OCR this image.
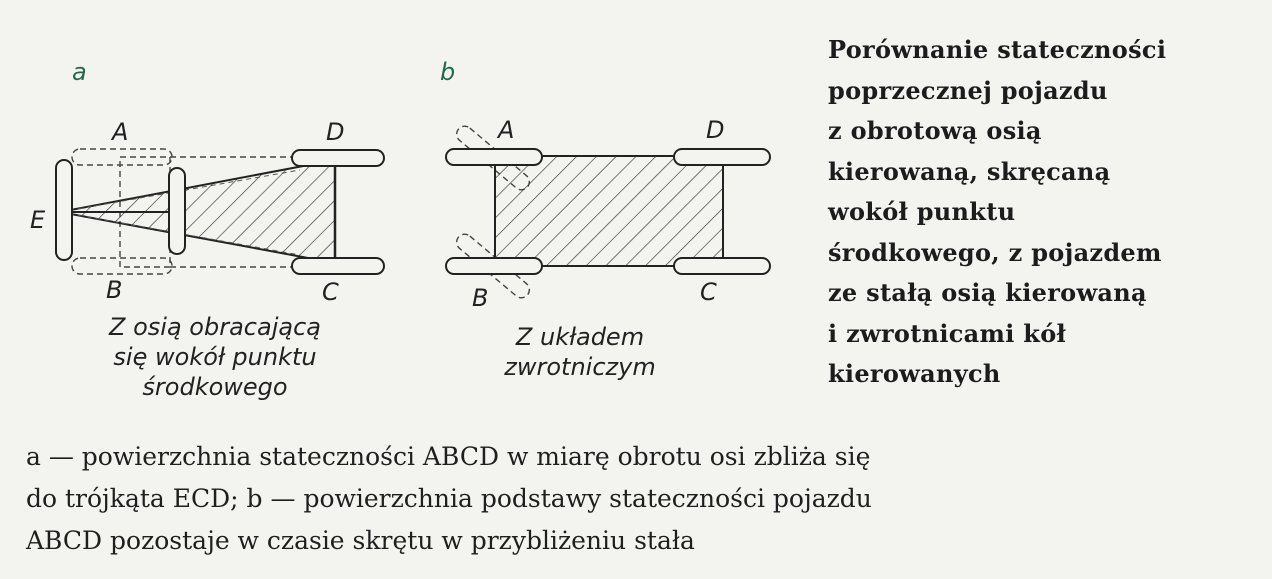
a	b
A
B	C
D
E
A
B	C
D
Z osią obracającą
się wokół punktu
środkowego
Z układem
zwrotniczym
Porównanie stateczności
poprzecznej pojazdu
z obrotową osią
kierowaną, skręcaną
wokół punktu
środkowego, z pojazdem
ze stałą osią kierowaną
i zwrotnicami kół
kierowanych
a — powierzchnia stateczności ABCD w miarę obrotu osi zbliża się
do trójkąta ECD; b — powierzchnia podstawy stateczności pojazdu
ABCD pozostaje w czasie skrętu w przybliżeniu stała
